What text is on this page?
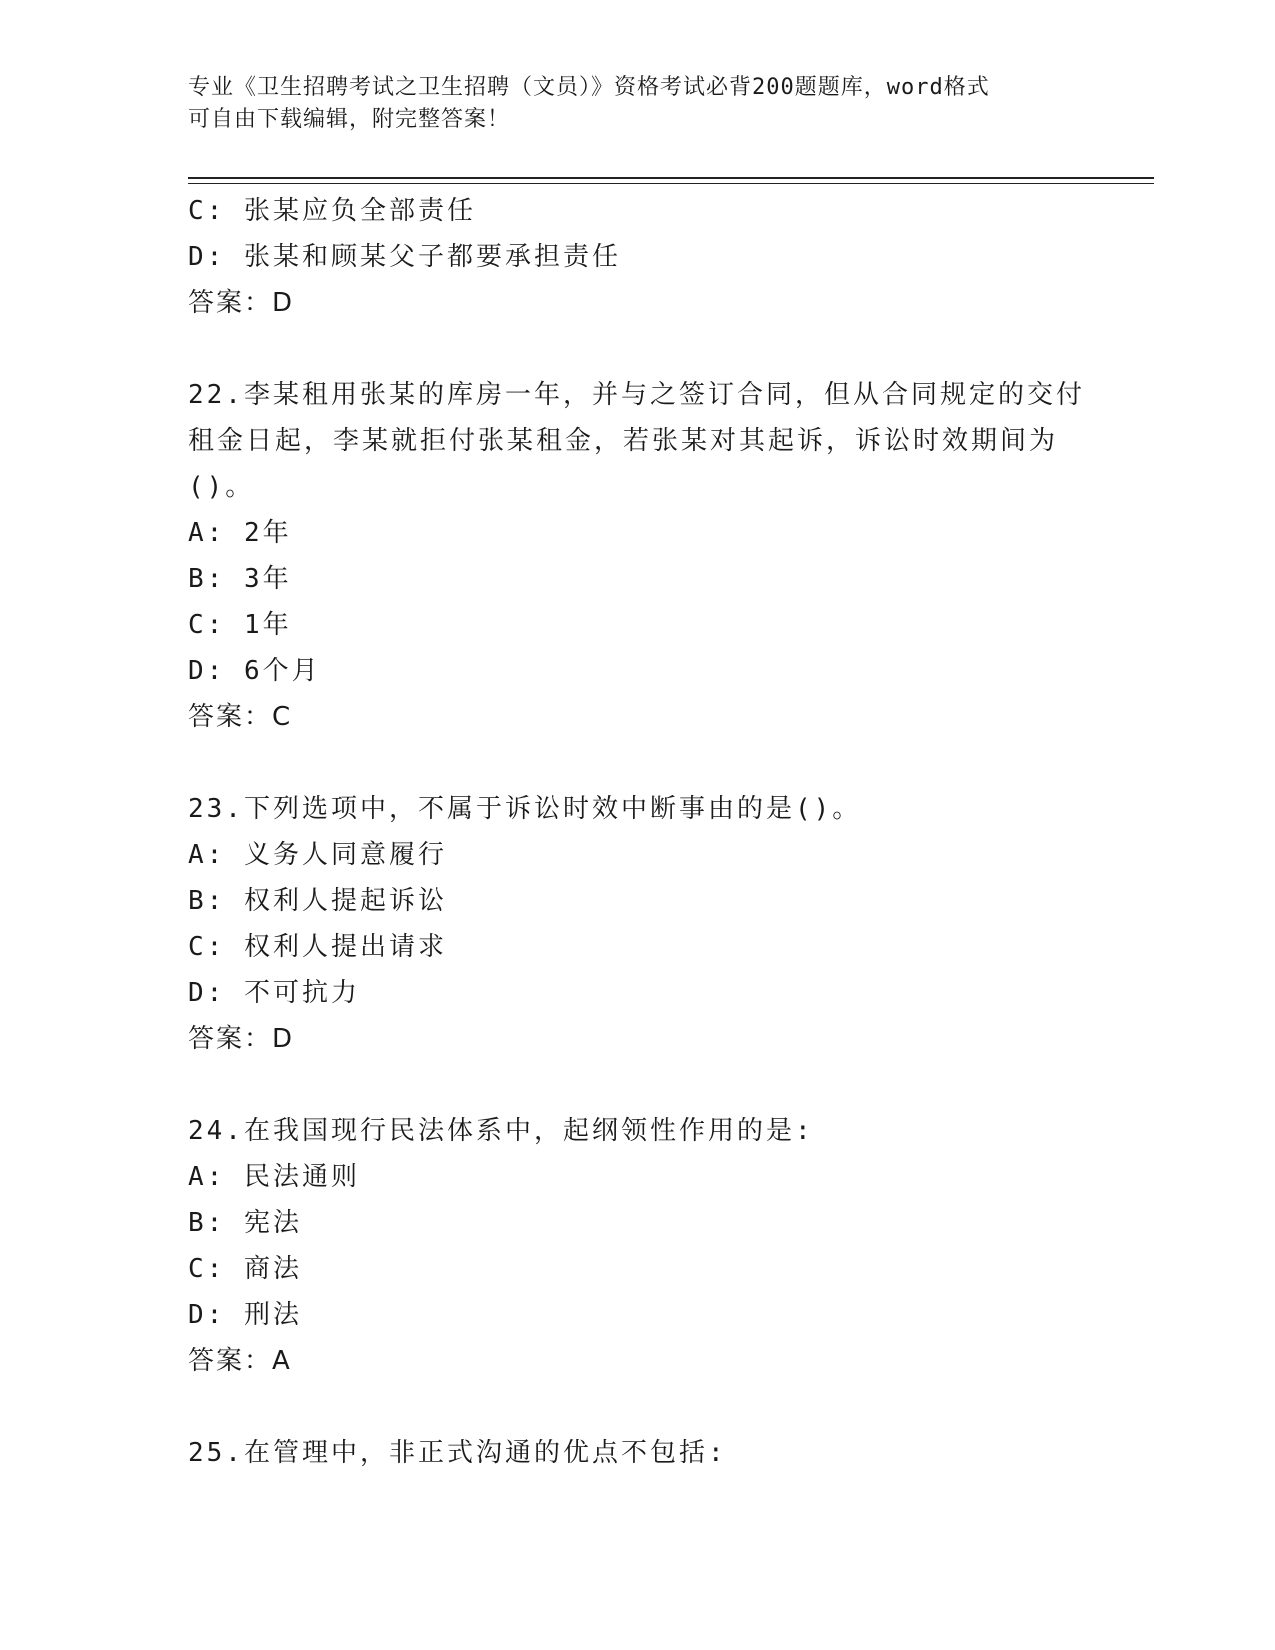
专业《卫生招聘考试之卫生招聘（文员）》资格考试必背200题题库，word格式
可自由下载编辑，附完整答案！
C: 张某应负全部责任
D: 张某和顾某父子都要承担责任
答案：D
22.李某租用张某的库房一年，并与之签订合同，但从合同规定的交付
租金日起，李某就拒付张某租金，若张某对其起诉，诉讼时效期间为
()。
A: 2年
B: 3年
C: 1年
D: 6个月
答案：C
23.下列选项中，不属于诉讼时效中断事由的是()。
A: 义务人同意履行
B: 权利人提起诉讼
C: 权利人提出请求
D: 不可抗力
答案：D
24.在我国现行民法体系中，起纲领性作用的是:
A: 民法通则
B: 宪法
C: 商法
D: 刑法
答案：A
25.在管理中，非正式沟通的优点不包括:
